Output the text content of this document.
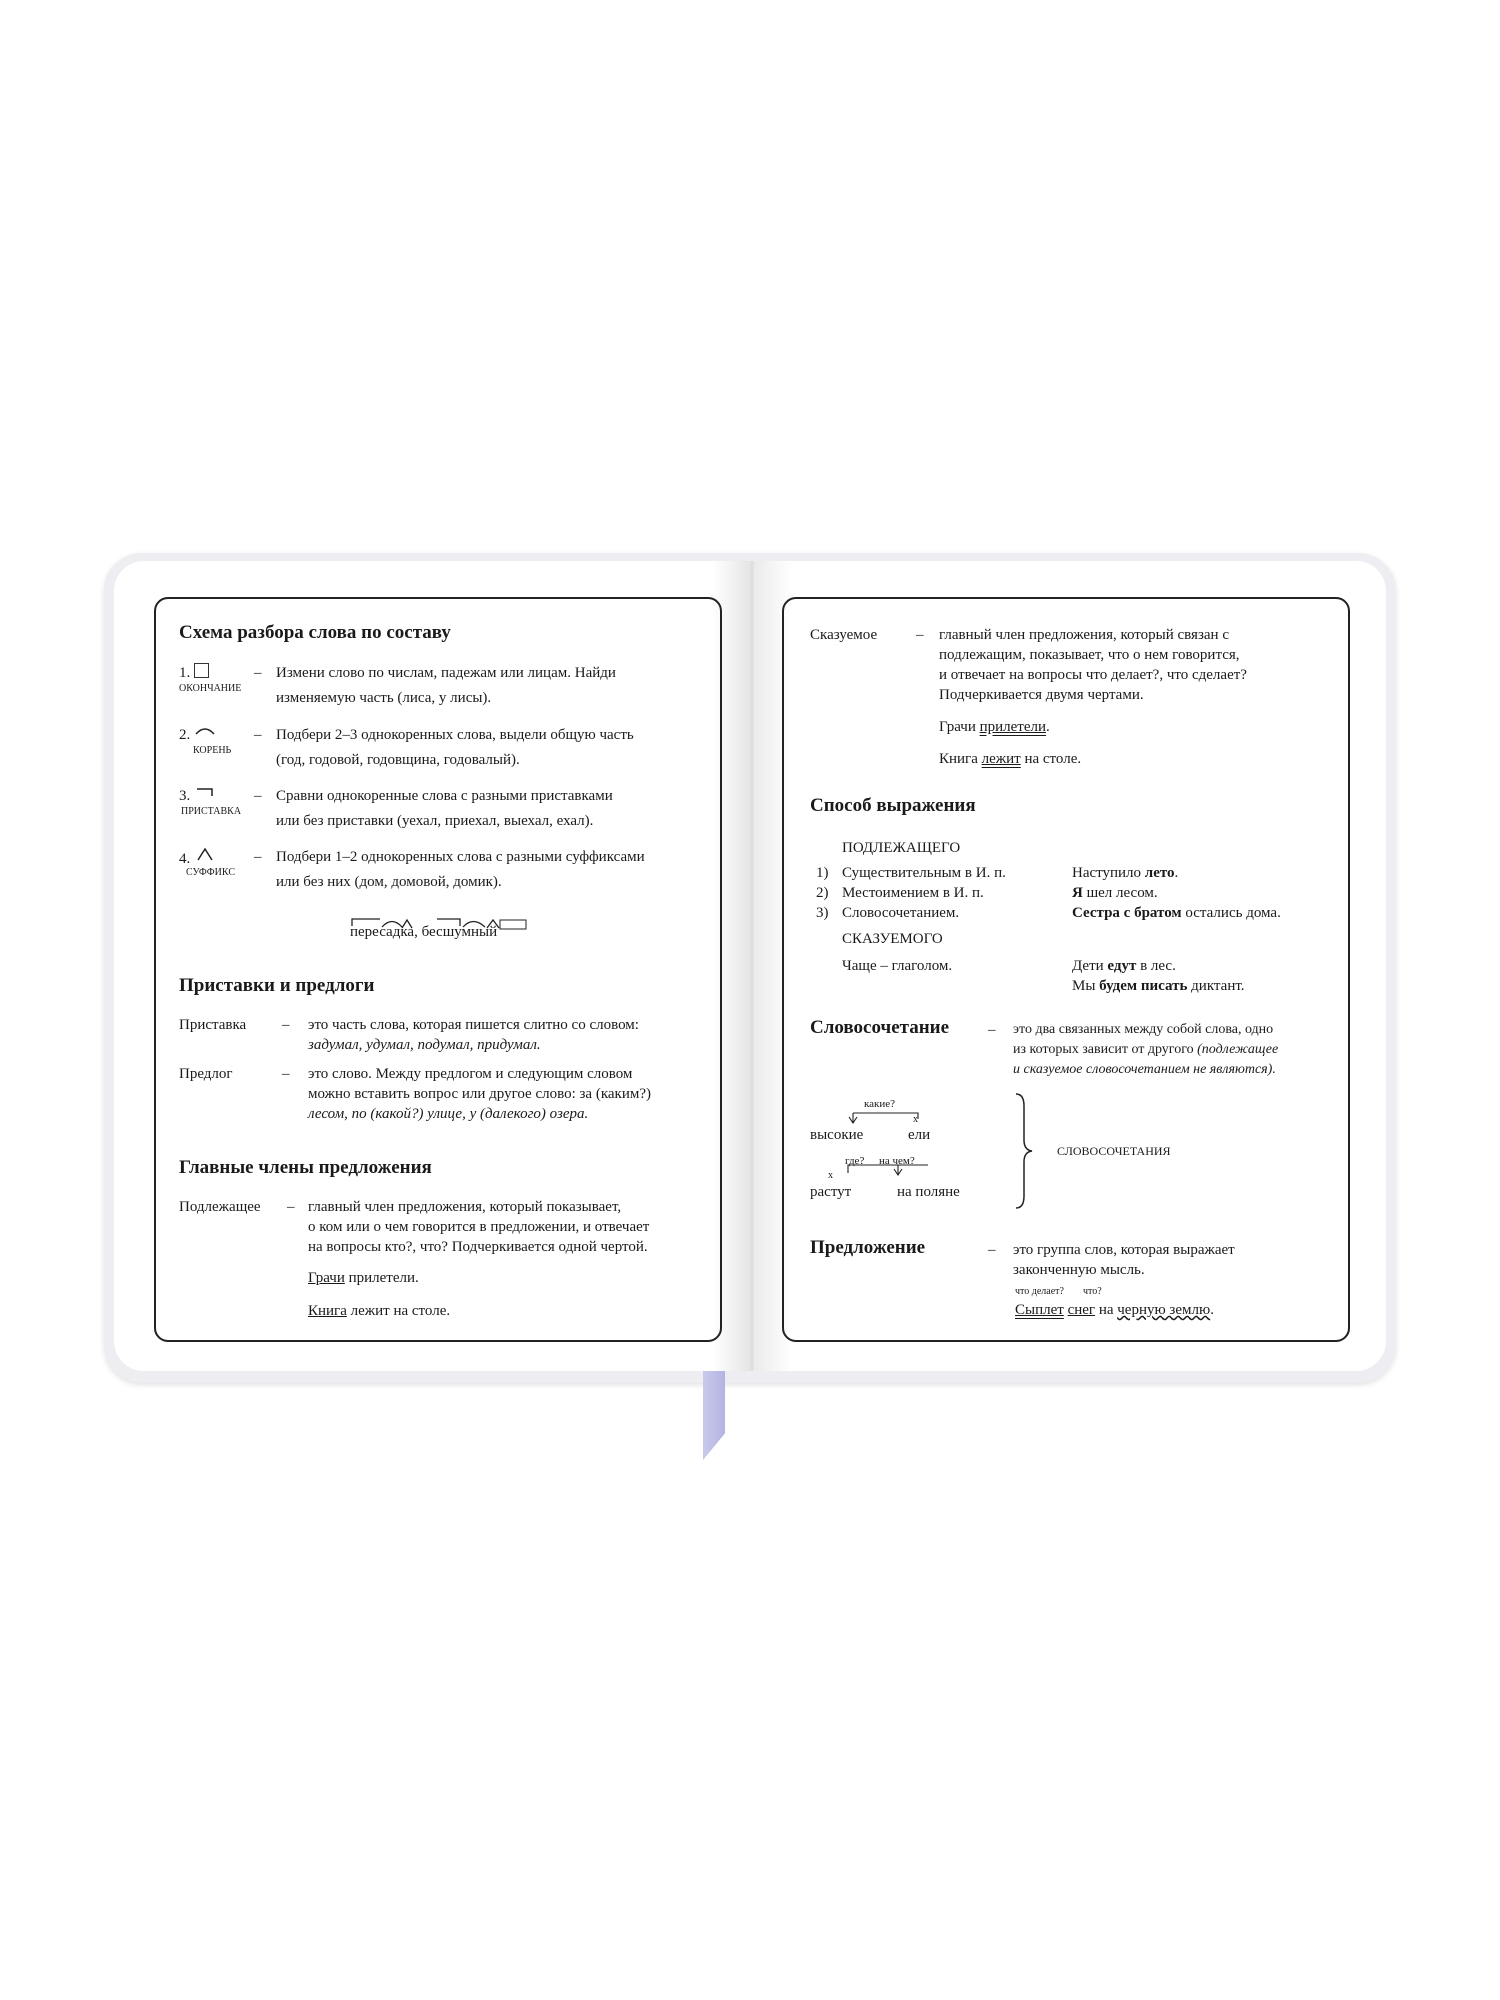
Схема разбора слова по составу
1.
ОКОНЧАНИЕ
– Измени слово по числам, падежам или лицам. Найди
изменяемую часть (лиса, у лисы).
2.
КОРЕНЬ
– Подбери 2–3 однокоренных слова, выдели общую часть
(год, годовой, годовщина, годовалый).
3.
ПРИСТАВКА
– Сравни однокоренные слова с разными приставками
или без приставки (уехал, приехал, выехал, ехал).
4.
СУФФИКС
– Подбери 1–2 однокоренных слова с разными суффиксами
или без них (дом, домовой, домик).
пересадка, бесшумный
Приставки и предлоги
Приставка – это часть слова, которая пишется слитно со словом:
задумал, удумал, подумал, придумал.
Предлог	– это слово. Между предлогом и следующим словом
можно вставить вопрос или другое слово: за (каким?)
лесом, по (какой?) улице, у (далекого) озера.
Главные члены предложения
Подлежащее – главный член предложения, который показывает,
о ком или о чем говорится в предложении, и отвечает
на вопросы кто?, что? Подчеркивается одной чертой.
Грачи прилетели.
Книга лежит на столе.
Сказуемое	– главный член предложения, который связан с
подлежащим, показывает, что о нем говорится,
и отвечает на вопросы что делает?, что сделает?
Подчеркивается двумя чертами.
Грачи прилетели.
Книга лежит на столе.
Способ выражения
ПОДЛЕЖАЩЕГО
1) Существительным в И. п.	Наступило лето.
2) Местоимением в И. п.	Я шел лесом.
3) Словосочетанием.	Сестра с братом остались дома.
СКАЗУЕМОГО
Чаще – глаголом.	Дети едут в лес.
Мы будем писать диктант.
Словосочетание	– это два связанных между собой слова, одно
из которых зависит от другого (подлежащее
и сказуемое словосочетанием не являются).
какие?
х
высокие	ели
где? на чем?
х
растут	на поляне
СЛОВОСОЧЕТАНИЯ
Предложение	– это группа слов, которая выражает
законченную мысль.
что делает? что?
Сыплет снег на черную землю.
